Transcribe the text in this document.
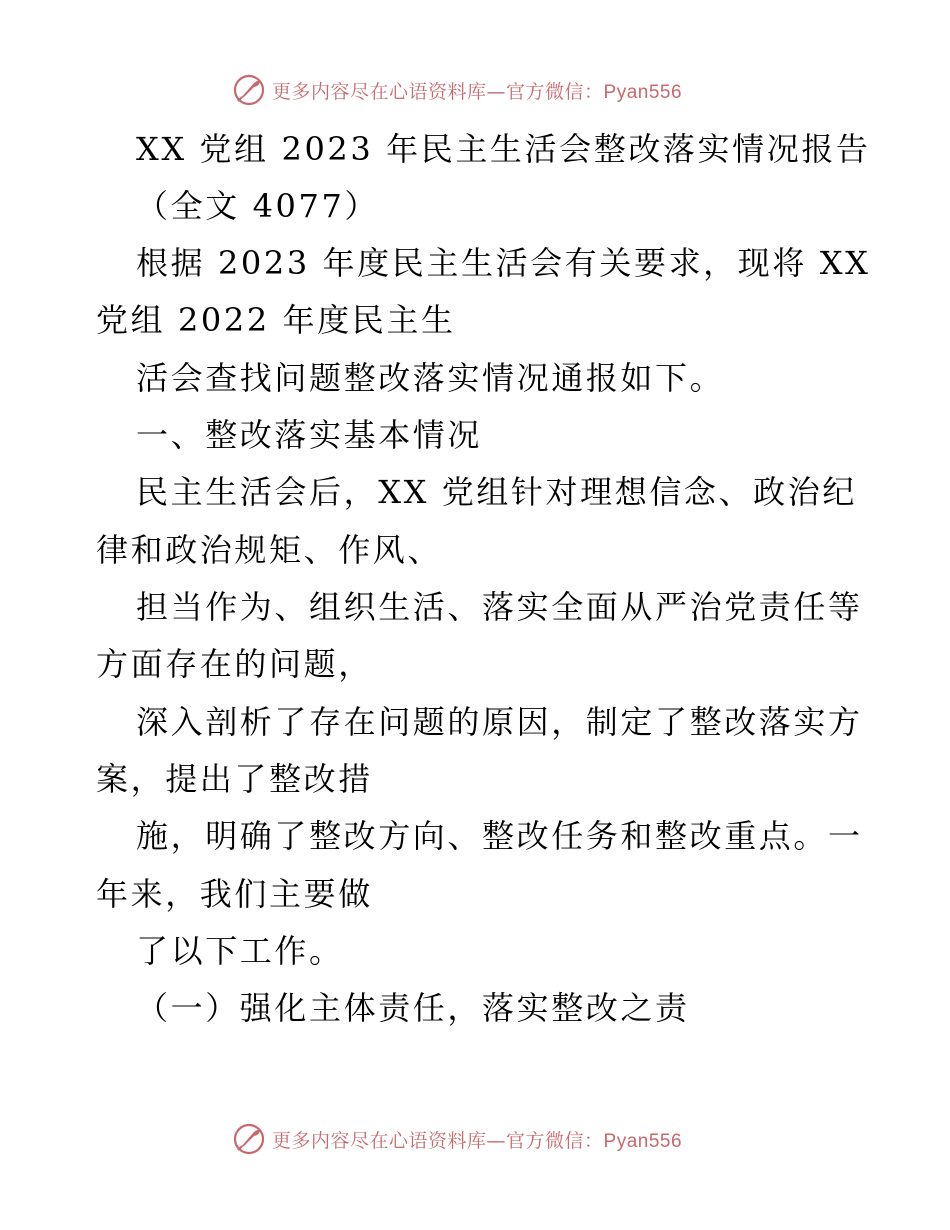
更多内容尽在心语资料库—官方微信：Pyan556
XX 党组 2023 年民主生活会整改落实情况报告
（全文 4077）
根据 2023 年度民主生活会有关要求，现将 XX
党组 2022 年度民主生
活会查找问题整改落实情况通报如下。
一、整改落实基本情况
民主生活会后，XX 党组针对理想信念、政治纪
律和政治规矩、作风、
担当作为、组织生活、落实全面从严治党责任等
方面存在的问题，
深入剖析了存在问题的原因，制定了整改落实方
案，提出了整改措
施，明确了整改方向、整改任务和整改重点。一
年来，我们主要做
了以下工作。
（一）强化主体责任，落实整改之责
更多内容尽在心语资料库—官方微信：Pyan556
